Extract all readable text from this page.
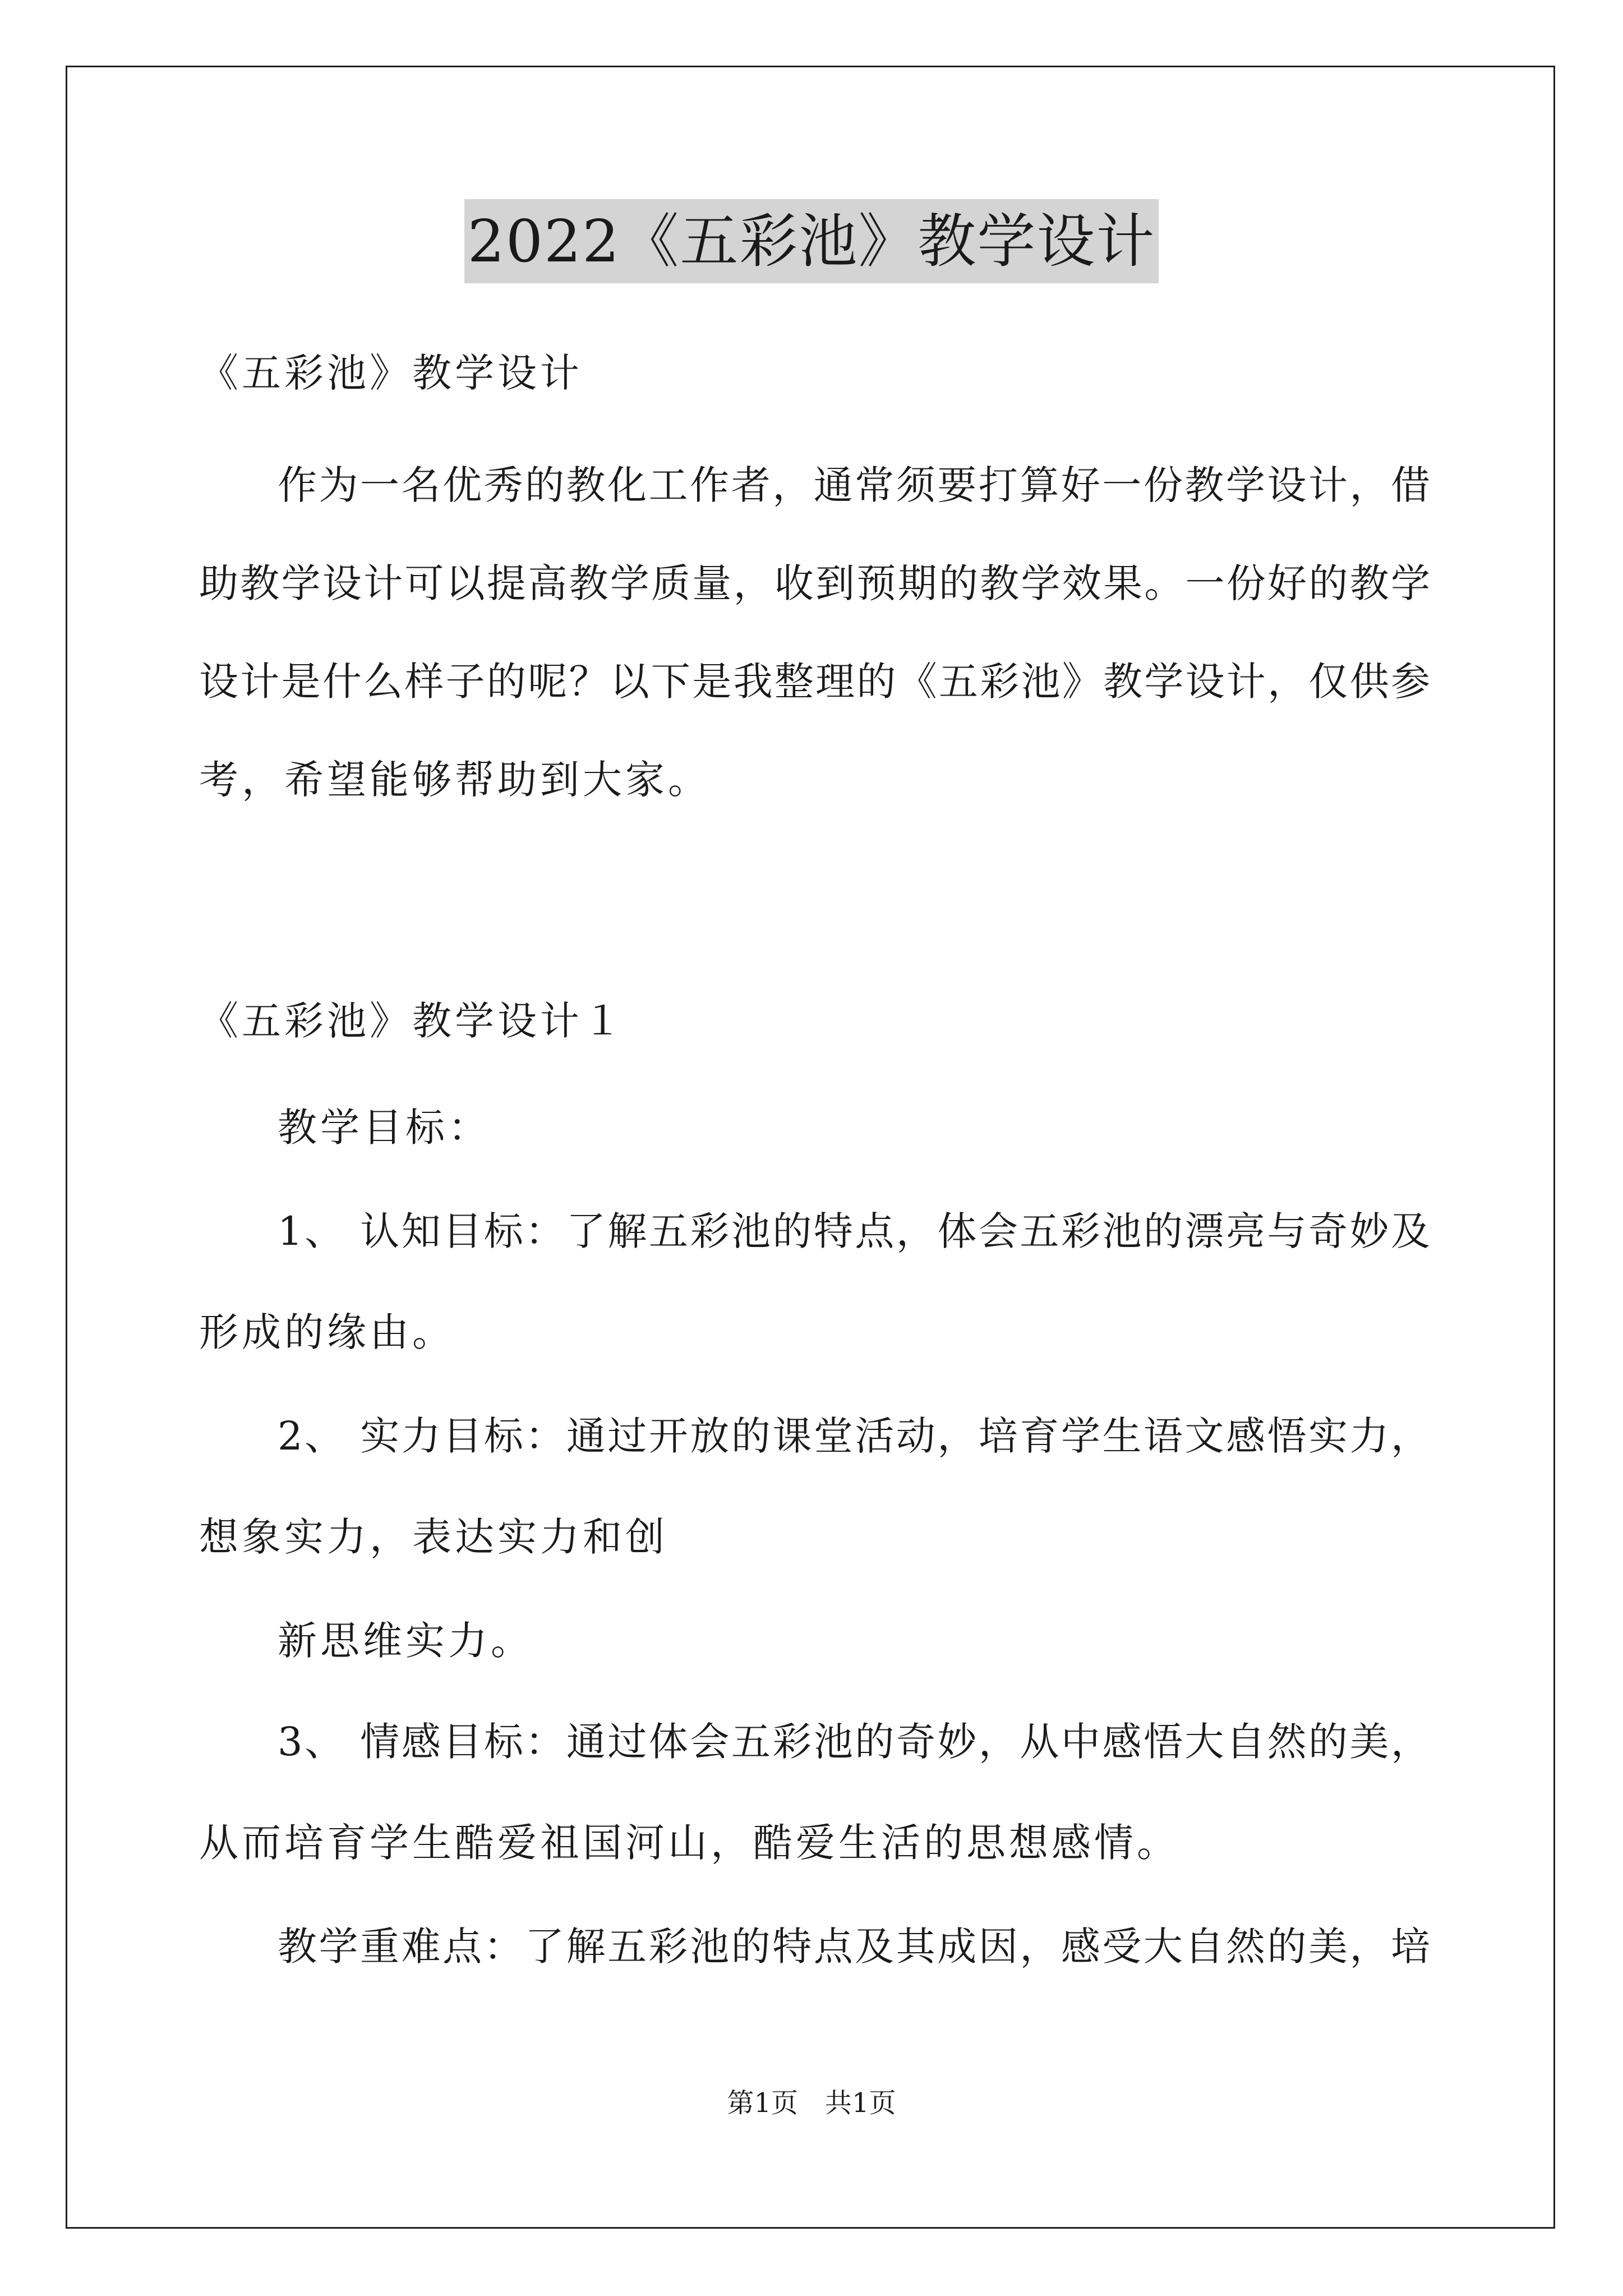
2022《五彩池》教学设计
《五彩池》教学设计
作为一名优秀的教化工作者，通常须要打算好一份教学设计，借
助教学设计可以提高教学质量，收到预期的教学效果。一份好的教学
设计是什么样子的呢？以下是我整理的《五彩池》教学设计，仅供参
考，希望能够帮助到大家。
《五彩池》教学设计１
教学目标：
1、 认知目标：了解五彩池的特点，体会五彩池的漂亮与奇妙及
形成的缘由。
2、 实力目标：通过开放的课堂活动，培育学生语文感悟实力，
想象实力，表达实力和创
新思维实力。
3、 情感目标：通过体会五彩池的奇妙，从中感悟大自然的美，
从而培育学生酷爱祖国河山，酷爱生活的思想感情。
教学重难点：了解五彩池的特点及其成因，感受大自然的美，培
第1页　共1页
